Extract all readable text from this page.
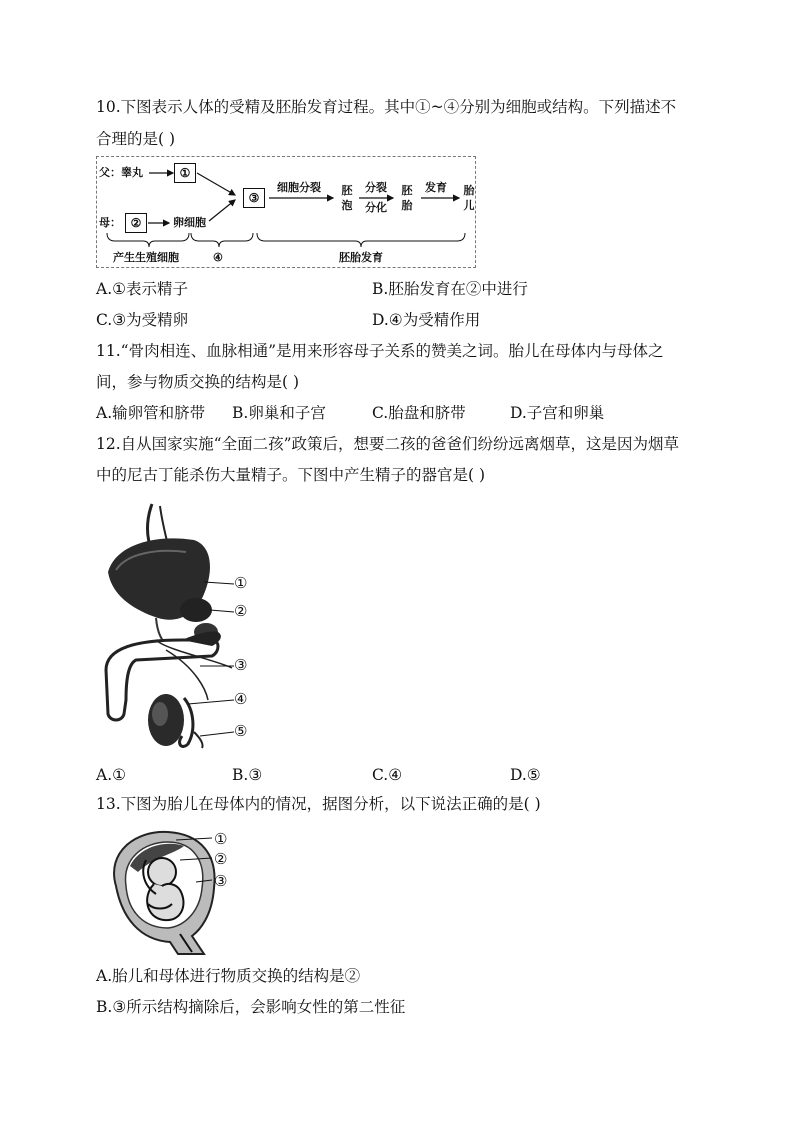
10.下图表示人体的受精及胚胎发育过程。其中①~④分别为细胞或结构。下列描述不
合理的是( )
父：睾丸	①
母： ②	卵细胞
③
细胞分裂 胚
泡
分裂
分化
胚
胎
发育 胎
儿
产生生殖细胞	④	胚胎发育
A.①表示精子	B.胚胎发育在②中进行
C.③为受精卵	D.④为受精作用
11.“骨肉相连、血脉相通”是用来形容母子关系的赞美之词。胎儿在母体内与母体之
间，参与物质交换的结构是( )
A.输卵管和脐带 B.卵巢和子宫	C.胎盘和脐带	D.子宫和卵巢
12.自从国家实施“全面二孩”政策后，想要二孩的爸爸们纷纷远离烟草，这是因为烟草
中的尼古丁能杀伤大量精子。下图中产生精子的器官是( )
①
②
③
④
⑤
A.①	B.③	C.④	D.⑤
13.下图为胎儿在母体内的情况，据图分析，以下说法正确的是( )
①
②
③
A.胎儿和母体进行物质交换的结构是②
B.③所示结构摘除后，会影响女性的第二性征
